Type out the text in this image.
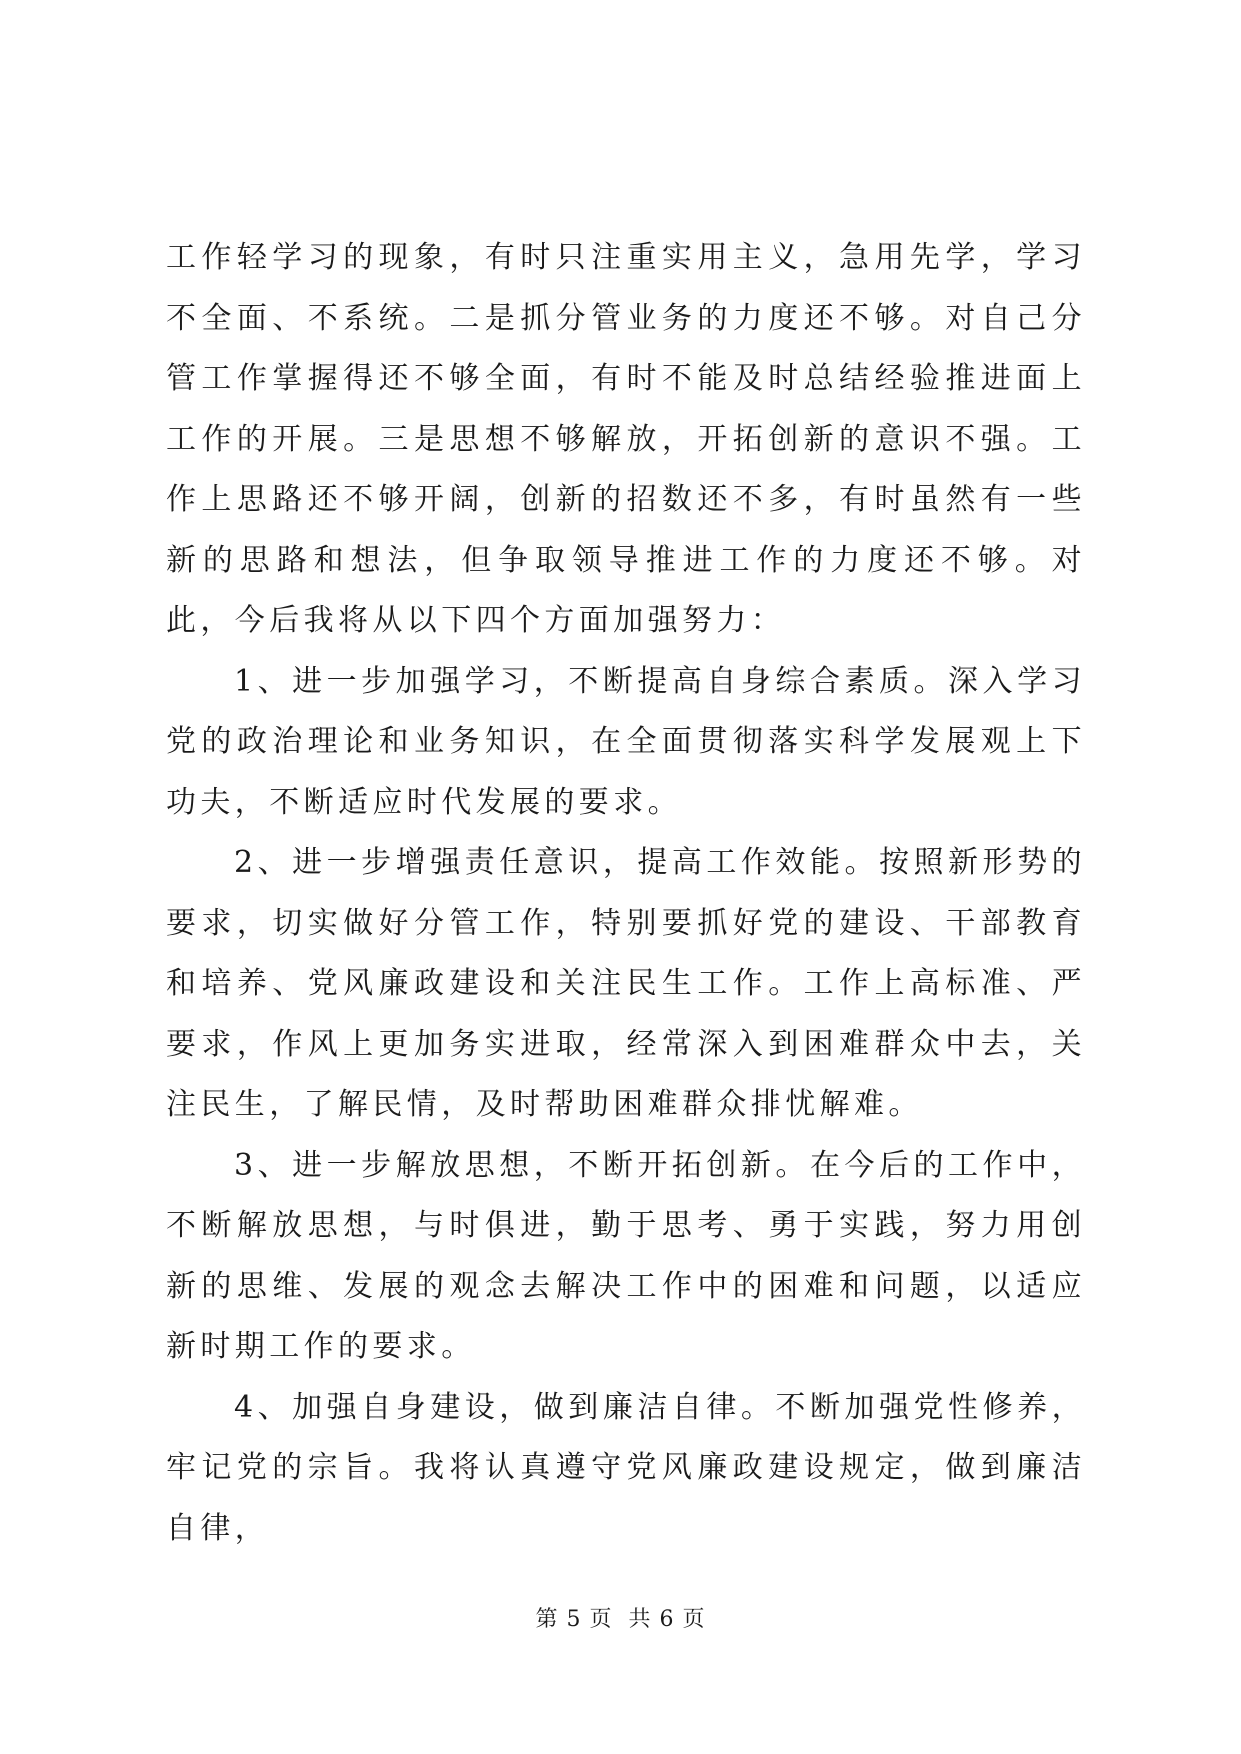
工作轻学习的现象，有时只注重实用主义，急用先学，学习不全面、不系统。二是抓分管业务的力度还不够。对自己分管工作掌握得还不够全面，有时不能及时总结经验推进面上工作的开展。三是思想不够解放，开拓创新的意识不强。工作上思路还不够开阔，创新的招数还不多，有时虽然有一些新的思路和想法，但争取领导推进工作的力度还不够。对此，今后我将从以下四个方面加强努力：

1、进一步加强学习，不断提高自身综合素质。深入学习党的政治理论和业务知识，在全面贯彻落实科学发展观上下功夫，不断适应时代发展的要求。

2、进一步增强责任意识，提高工作效能。按照新形势的要求，切实做好分管工作，特别要抓好党的建设、干部教育和培养、党风廉政建设和关注民生工作。工作上高标准、严要求，作风上更加务实进取，经常深入到困难群众中去，关注民生，了解民情，及时帮助困难群众排忧解难。

3、进一步解放思想，不断开拓创新。在今后的工作中，不断解放思想，与时俱进，勤于思考、勇于实践，努力用创新的思维、发展的观念去解决工作中的困难和问题，以适应新时期工作的要求。

4、加强自身建设，做到廉洁自律。不断加强党性修养，牢记党的宗旨。我将认真遵守党风廉政建设规定，做到廉洁自律，

第 5 页  共 6 页
